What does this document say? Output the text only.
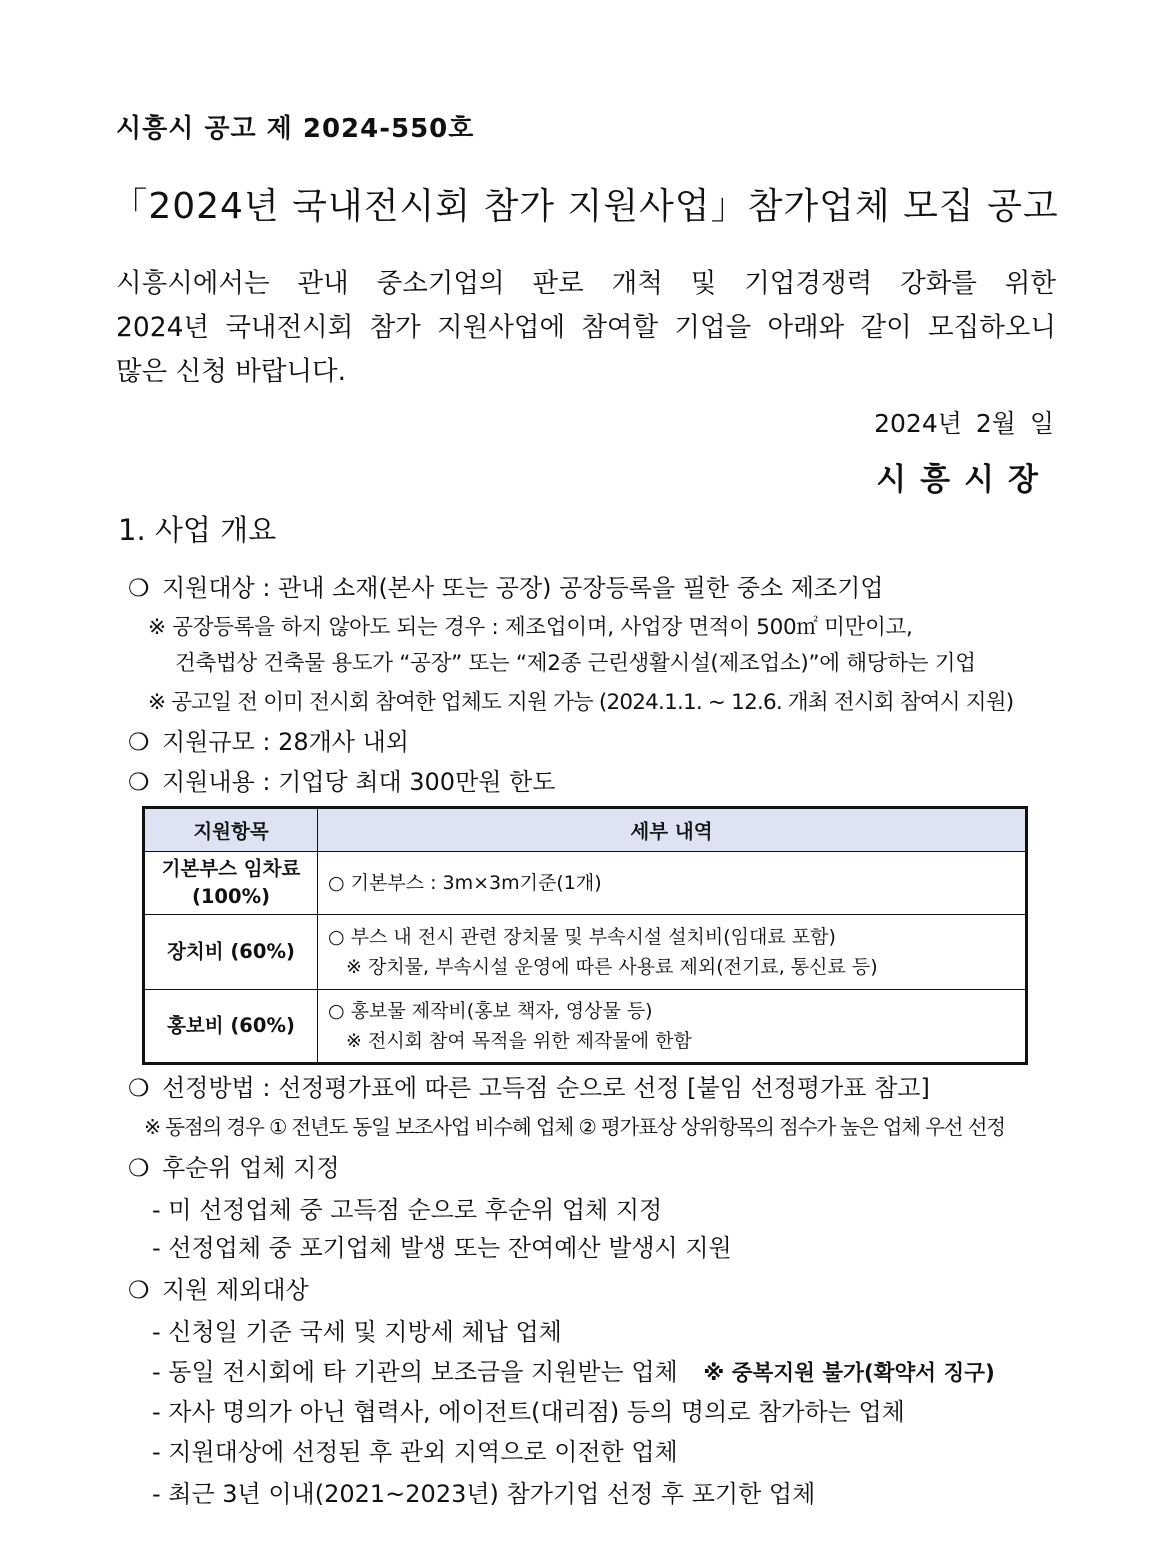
시흥시 공고 제 2024-550호
「2024년 국내전시회 참가 지원사업」참가업체 모집 공고

시흥시에서는 관내 중소기업의 판로 개척 및 기업경쟁력 강화를 위한

2024년 국내전시회 참가 지원사업에 참여할 기업을 아래와 같이 모집하오니

많은 신청 바랍니다.

2024년 2월 일
시흥시장
1. 사업 개요
❍ 지원대상 : 관내 소재(본사 또는 공장) 공장등록을 필한 중소 제조기업
※ 공장등록을 하지 않아도 되는 경우 : 제조업이며, 사업장 면적이 500㎡ 미만이고,
건축법상 건축물 용도가 “공장” 또는 “제2종 근린생활시설(제조업소)”에 해당하는 기업
※ 공고일 전 이미 전시회 참여한 업체도 지원 가능 (2024.1.1. ~ 12.6. 개최 전시회 참여시 지원)
❍ 지원규모 : 28개사 내외
❍ 지원내용 : 기업당 최대 300만원 한도
지원항목	세부 내역

기본부스 임차료
(100%)	○ 기본부스 : 3m×3m기준(1개)

장치비 (60%)	○ 부스 내 전시 관련 장치물 및 부속시설 설치비(임대료 포함)
※ 장치물, 부속시설 운영에 따른 사용료 제외(전기료, 통신료 등)

홍보비 (60%)	○ 홍보물 제작비(홍보 책자, 영상물 등)
※ 전시회 참여 목적을 위한 제작물에 한함
❍ 선정방법 : 선정평가표에 따른 고득점 순으로 선정 [붙임 선정평가표 참고]
※ 동점의 경우 ① 전년도 동일 보조사업 비수혜 업체 ② 평가표상 상위항목의 점수가 높은 업체 우선 선정
❍ 후순위 업체 지정
- 미 선정업체 중 고득점 순으로 후순위 업체 지정
- 선정업체 중 포기업체 발생 또는 잔여예산 발생시 지원
❍ 지원 제외대상
- 신청일 기준 국세 및 지방세 체납 업체
- 동일 전시회에 타 기관의 보조금을 지원받는 업체 ※ 중복지원 불가(확약서 징구)
- 자사 명의가 아닌 협력사, 에이전트(대리점) 등의 명의로 참가하는 업체
- 지원대상에 선정된 후 관외 지역으로 이전한 업체
- 최근 3년 이내(2021~2023년) 참가기업 선정 후 포기한 업체
